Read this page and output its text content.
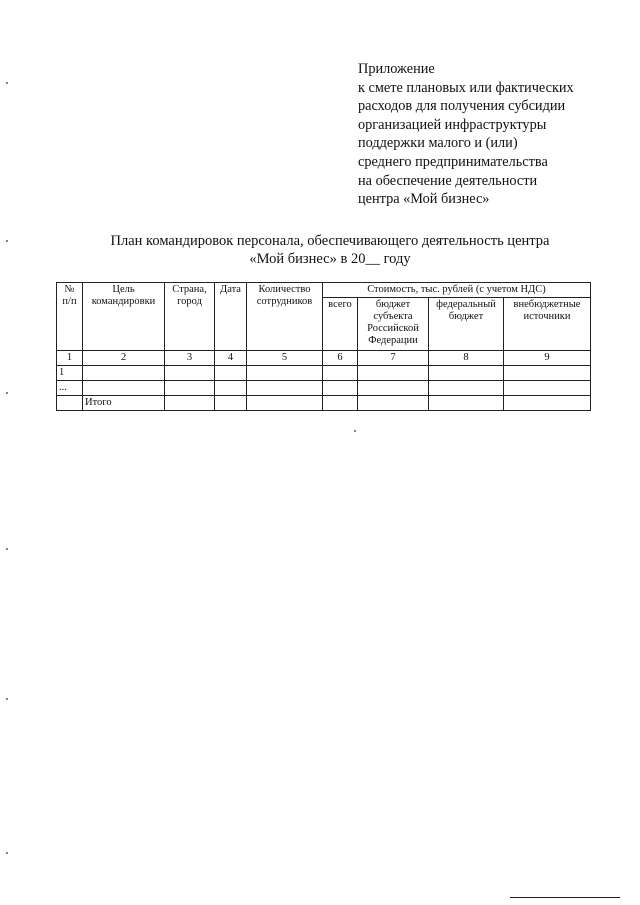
Приложение
к смете плановых или фактических
расходов для получения субсидии
организацией инфраструктуры
поддержки малого и (или)
среднего предпринимательства
на обеспечение деятельности
центра «Мой бизнес»
План командировок персонала, обеспечивающего деятельность центра
«Мой бизнес» в 20__ году
№ п/п	Цель командировки	Страна, город	Дата	Количество сотрудников	Стоимость, тыс. рублей (с учетом НДС)			
					всего	бюджет субъекта Российской Федерации	федеральный бюджет	внебюджетные источники
1	2	3	4	5	6	7	8	9
1								
...								
	Итого							
